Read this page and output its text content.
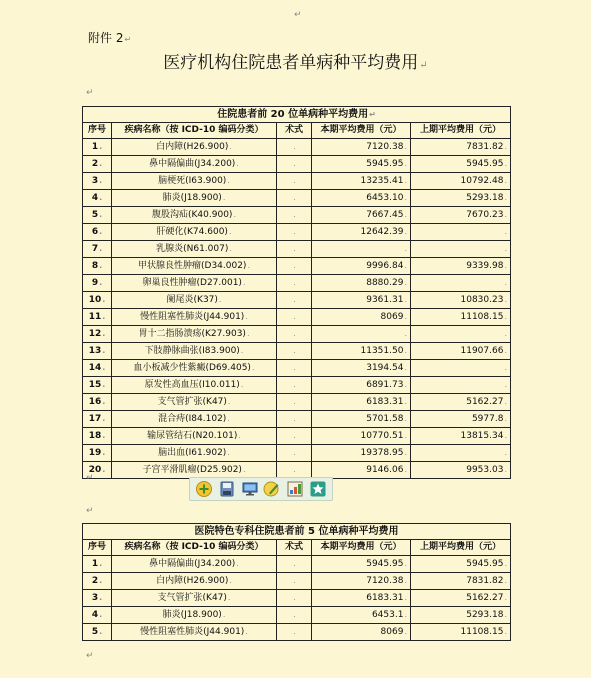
↵
附件 2↵
医疗机构住院患者单病种平均费用↵
↵
住院患者前 20 位单病种平均费用↵				
序号	疾病名称（按 ICD-10 编码分类）	术式	本期平均费用（元）	上期平均费用（元）
1.	白内障(H26.900).	.	7120.38.	7831.82.
2.	鼻中隔偏曲(J34.200).	.	5945.95.	5945.95.
3.	脑梗死(I63.900).	.	13235.41.	10792.48.
4.	肺炎(J18.900).	.	6453.10.	5293.18.
5.	腹股沟疝(K40.900).	.	7667.45.	7670.23.
6.	肝硬化(K74.600).	.	12642.39.	.
7.	乳腺炎(N61.007).	.	.	.
8.	甲状腺良性肿瘤(D34.002).	.	9996.84.	9339.98.
9.	卵巢良性肿瘤(D27.001).	.	8880.29.	.
10.	阑尾炎(K37).	.	9361.31.	10830.23.
11.	慢性阻塞性肺炎(J44.901).	.	8069.	11108.15.
12.	胃十二指肠溃疡(K27.903).	.	.	.
13.	下肢静脉曲张(I83.900).	.	11351.50.	11907.66.
14.	血小板减少性紫癜(D69.405).	.	3194.54.	.
15.	原发性高血压(I10.011).	.	6891.73.	.
16.	支气管扩张(K47).	.	6183.31.	5162.27.
17.	混合痔(I84.102).	.	5701.58.	5977.8.
18.	输尿管结石(N20.101).	.	10770.51.	13815.34.
19.	脑出血(I61.902).	.	19378.95.	.
20.	子宫平滑肌瘤(D25.902).	.	9146.06.	9953.03.
↵
↵
医院特色专科住院患者前 5 位单病种平均费用				
序号	疾病名称（按 ICD-10 编码分类）	术式	本期平均费用（元）	上期平均费用（元）
1.	鼻中隔偏曲(J34.200).	.	5945.95.	5945.95.
2.	白内障(H26.900).	.	7120.38.	7831.82.
3.	支气管扩张(K47).	.	6183.31.	5162.27.
4.	肺炎(J18.900).	.	6453.1.	5293.18.
5.	慢性阻塞性肺炎(J44.901).	.	8069.	11108.15.
↵
